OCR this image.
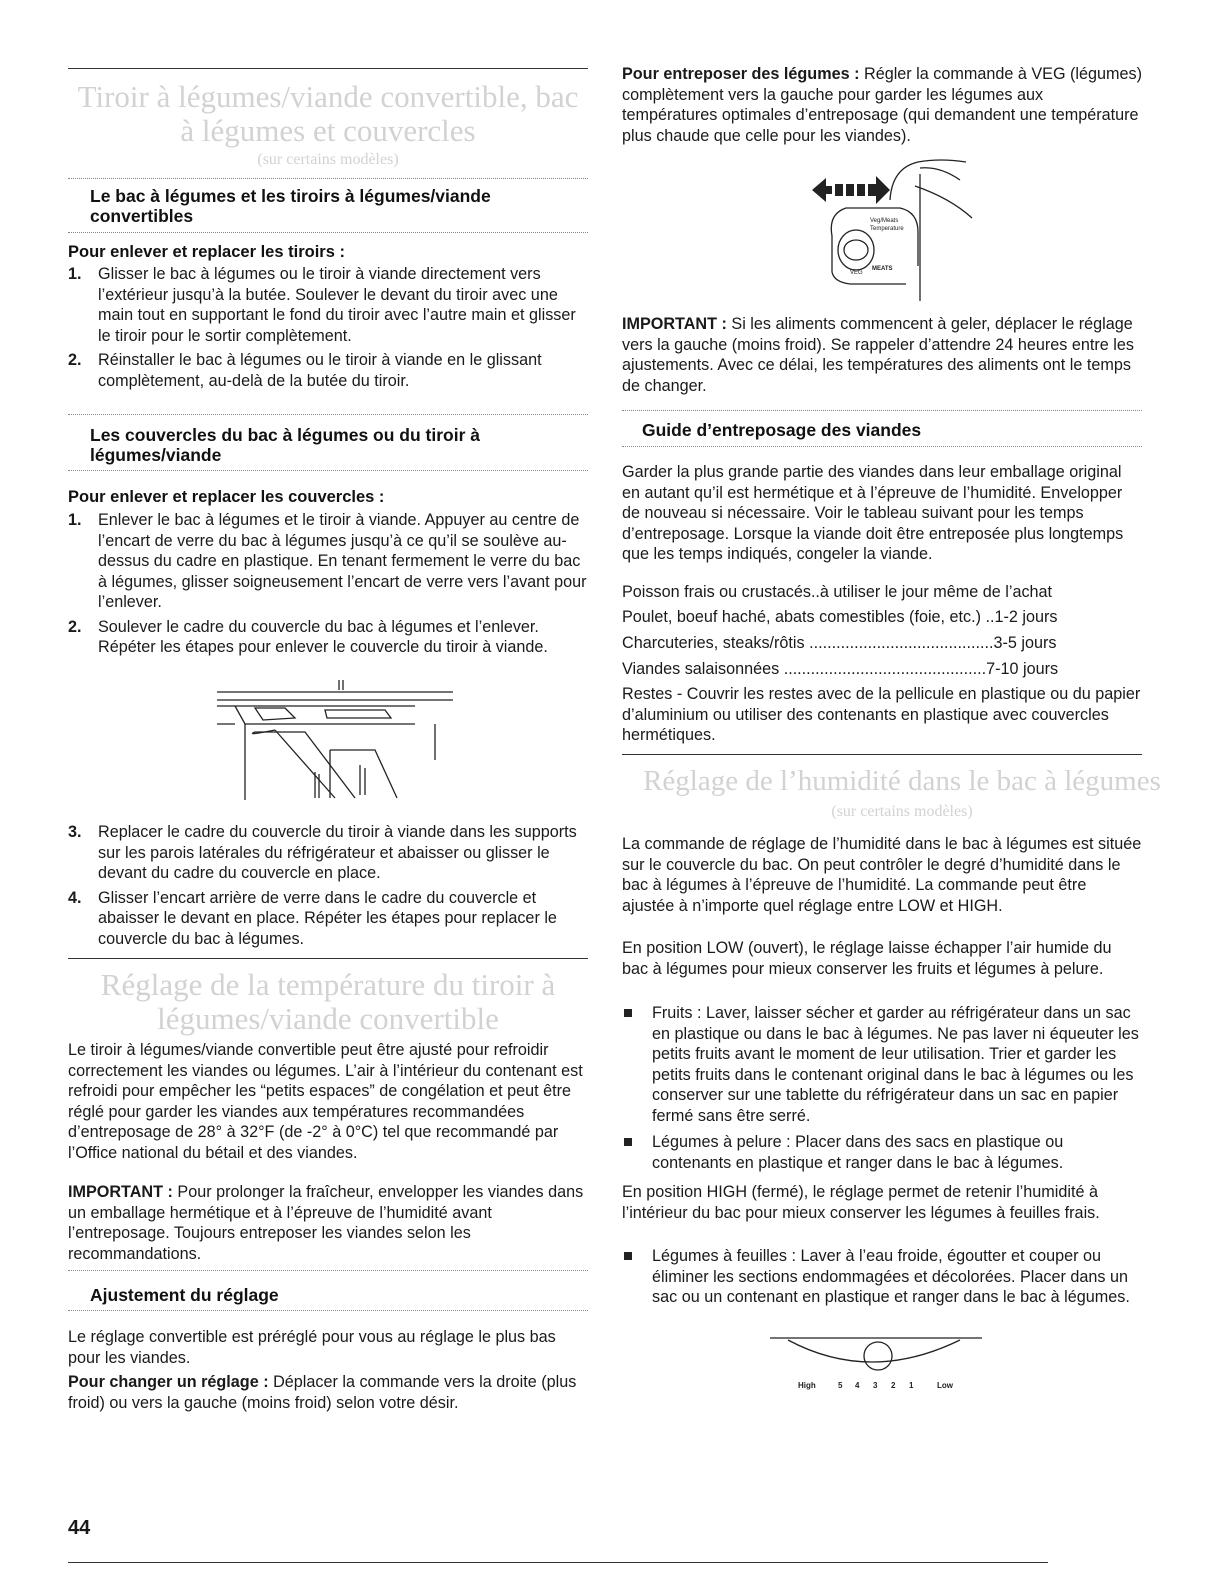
Tiroir à légumes/viande convertible, bac à légumes et couvercles
(sur certains modèles)
Le bac à légumes et les tiroirs à légumes/viande convertibles
Pour enlever et replacer les tiroirs :
1. Glisser le bac à légumes ou le tiroir à viande directement vers l’extérieur jusqu’à la butée. Soulever le devant du tiroir avec une main tout en supportant le fond du tiroir avec l’autre main et glisser le tiroir pour le sortir complètement.
2. Réinstaller le bac à légumes ou le tiroir à viande en le glissant complètement, au-delà de la butée du tiroir.
Les couvercles du bac à légumes ou du tiroir à légumes/viande
Pour enlever et replacer les couvercles :
1. Enlever le bac à légumes et le tiroir à viande. Appuyer au centre de l’encart de verre du bac à légumes jusqu’à ce qu’il se soulève au-dessus du cadre en plastique. En tenant fermement le verre du bac à légumes, glisser soigneusement l’encart de verre vers l’avant pour l’enlever.
2. Soulever le cadre du couvercle du bac à légumes et l’enlever. Répéter les étapes pour enlever le couvercle du tiroir à viande.
3. Replacer le cadre du couvercle du tiroir à viande dans les supports sur les parois latérales du réfrigérateur et abaisser ou glisser le devant du cadre du couvercle en place.
4. Glisser l’encart arrière de verre dans le cadre du couvercle et abaisser le devant en place. Répéter les étapes pour replacer le couvercle du bac à légumes.
Réglage de la température du tiroir à légumes/viande convertible

Le tiroir à légumes/viande convertible peut être ajusté pour refroidir correctement les viandes ou légumes. L’air à l’intérieur du contenant est refroidi pour empêcher les “petits espaces” de congélation et peut être réglé pour garder les viandes aux températures recommandées d’entreposage de 28° à 32°F (de -2° à 0°C) tel que recommandé par l’Office national du bétail et des viandes.

IMPORTANT : Pour prolonger la fraîcheur, envelopper les viandes dans un emballage hermétique et à l’épreuve de l’humidité avant l’entreposage. Toujours entreposer les viandes selon les recommandations.

Ajustement du réglage

Le réglage convertible est préréglé pour vous au réglage le plus bas pour les viandes.

Pour changer un réglage : Déplacer la commande vers la droite (plus froid) ou vers la gauche (moins froid) selon votre désir.

Pour entreposer des légumes : Régler la commande à VEG (légumes) complètement vers la gauche pour garder les légumes aux températures optimales d’entreposage (qui demandent une température plus chaude que celle pour les viandes).

Veg/Meats
Temperature
VEG
MEATS

IMPORTANT : Si les aliments commencent à geler, déplacer le réglage vers la gauche (moins froid). Se rappeler d’attendre 24 heures entre les ajustements. Avec ce délai, les températures des aliments ont le temps de changer.

Guide d’entreposage des viandes

Garder la plus grande partie des viandes dans leur emballage original en autant qu’il est hermétique et à l’épreuve de l’humidité. Envelopper de nouveau si nécessaire. Voir le tableau suivant pour les temps d’entreposage. Lorsque la viande doit être entreposée plus longtemps que les temps indiqués, congeler la viande.

Poisson frais ou crustacés..à utiliser le jour même de l’achat
Poulet, boeuf haché, abats comestibles (foie, etc.) ..1-2 jours
Charcuteries, steaks/rôtis .........................................3-5 jours
Viandes salaisonnées .............................................7-10 jours

Restes - Couvrir les restes avec de la pellicule en plastique ou du papier d’aluminium ou utiliser des contenants en plastique avec couvercles hermétiques.

Réglage de l’humidité dans le bac à légumes
(sur certains modèles)

La commande de réglage de l’humidité dans le bac à légumes est située sur le couvercle du bac. On peut contrôler le degré d’humidité dans le bac à légumes à l’épreuve de l’humidité. La commande peut être ajustée à n’importe quel réglage entre LOW et HIGH.

En position LOW (ouvert), le réglage laisse échapper l’air humide du bac à légumes pour mieux conserver les fruits et légumes à pelure.

Fruits : Laver, laisser sécher et garder au réfrigérateur dans un sac en plastique ou dans le bac à légumes. Ne pas laver ni équeuter les petits fruits avant le moment de leur utilisation. Trier et garder les petits fruits dans le contenant original dans le bac à légumes ou les conserver sur une tablette du réfrigérateur dans un sac en papier fermé sans être serré.
Légumes à pelure : Placer dans des sacs en plastique ou contenants en plastique et ranger dans le bac à légumes.

En position HIGH (fermé), le réglage permet de retenir l’humidité à l’intérieur du bac pour mieux conserver les légumes à feuilles frais.

Légumes à feuilles : Laver à l’eau froide, égoutter et couper ou éliminer les sections endommagées et décolorées. Placer dans un sac ou un contenant en plastique et ranger dans le bac à légumes.
High	5 4 3 2 1	Low
44
